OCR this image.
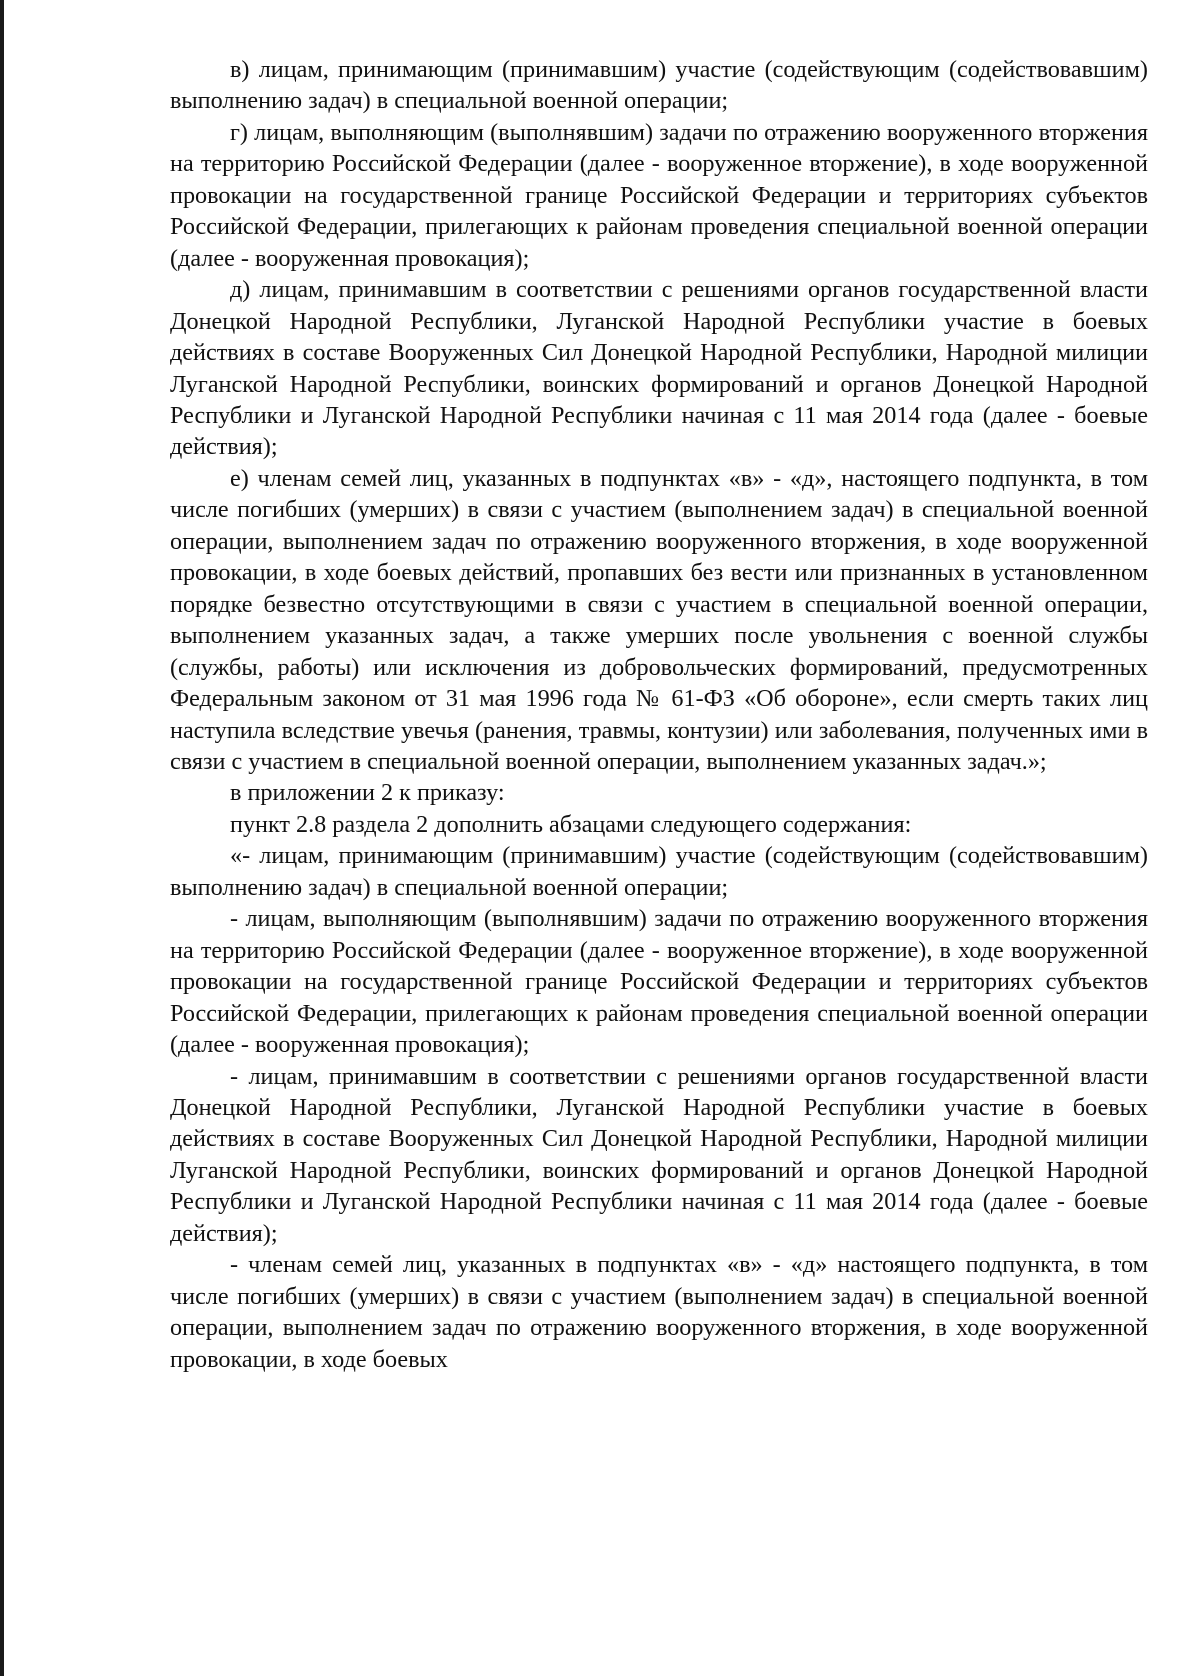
в) лицам, принимающим (принимавшим) участие (содействующим (содействовавшим) выполнению задач) в специальной военной операции;

г) лицам, выполняющим (выполнявшим) задачи по отражению вооруженного вторжения на территорию Российской Федерации (далее - вооруженное вторжение), в ходе вооруженной провокации на государственной границе Российской Федерации и территориях субъектов Российской Федерации, прилегающих к районам проведения специальной военной операции (далее - вооруженная провокация);

д) лицам, принимавшим в соответствии с решениями органов государственной власти Донецкой Народной Республики, Луганской Народной Республики участие в боевых действиях в составе Вооруженных Сил Донецкой Народной Республики, Народной милиции Луганской Народной Республики, воинских формирований и органов Донецкой Народной Республики и Луганской Народной Республики начиная с 11 мая 2014 года (далее - боевые действия);

е) членам семей лиц, указанных в подпунктах «в» - «д», настоящего подпункта, в том числе погибших (умерших) в связи с участием (выполнением задач) в специальной военной операции, выполнением задач по отражению вооруженного вторжения, в ходе вооруженной провокации, в ходе боевых действий, пропавших без вести или признанных в установленном порядке безвестно отсутствующими в связи с участием в специальной военной операции, выполнением указанных задач, а также умерших после увольнения с военной службы (службы, работы) или исключения из добровольческих формирований, предусмотренных Федеральным законом от 31 мая 1996 года № 61-ФЗ «Об обороне», если смерть таких лиц наступила вследствие увечья (ранения, травмы, контузии) или заболевания, полученных ими в связи с участием в специальной военной операции, выполнением указанных задач.»;

в приложении 2 к приказу:

пункт 2.8 раздела 2 дополнить абзацами следующего содержания:

«- лицам, принимающим (принимавшим) участие (содействующим (содействовавшим) выполнению задач) в специальной военной операции;

- лицам, выполняющим (выполнявшим) задачи по отражению вооруженного вторжения на территорию Российской Федерации (далее - вооруженное вторжение), в ходе вооруженной провокации на государственной границе Российской Федерации и территориях субъектов Российской Федерации, прилегающих к районам проведения специальной военной операции (далее - вооруженная провокация);

- лицам, принимавшим в соответствии с решениями органов государственной власти Донецкой Народной Республики, Луганской Народной Республики участие в боевых действиях в составе Вооруженных Сил Донецкой Народной Республики, Народной милиции Луганской Народной Республики, воинских формирований и органов Донецкой Народной Республики и Луганской Народной Республики начиная с 11 мая 2014 года (далее - боевые действия);

- членам семей лиц, указанных в подпунктах «в» - «д» настоящего подпункта, в том числе погибших (умерших) в связи с участием (выполнением задач) в специальной военной операции, выполнением задач по отражению вооруженного вторжения, в ходе вооруженной провокации, в ходе боевых
